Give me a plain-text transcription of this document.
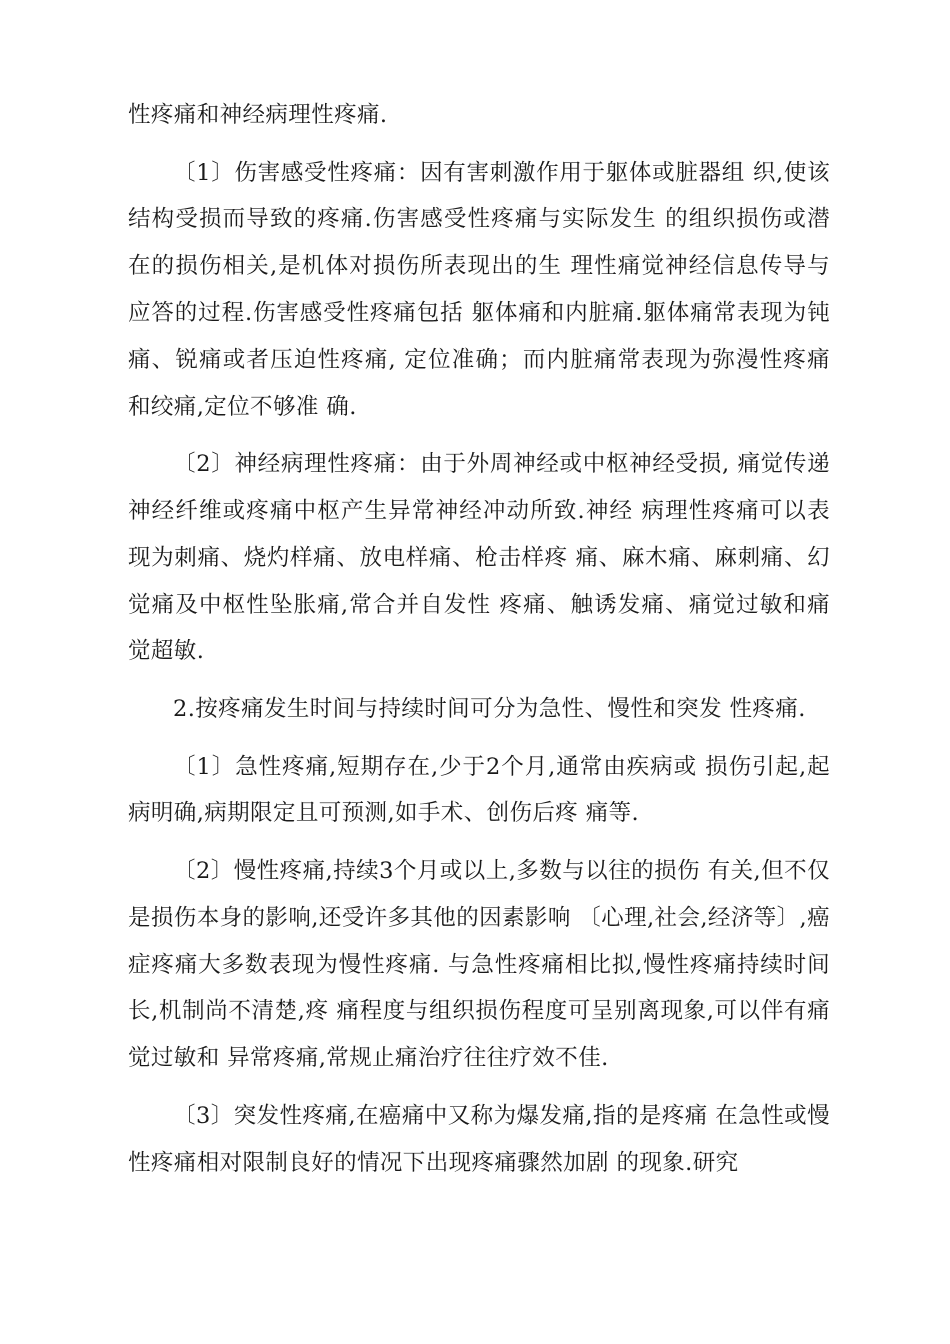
性疼痛和神经病理性疼痛.

〔1〕伤害感受性疼痛：因有害刺激作用于躯体或脏器组 织,使该结构受损而导致的疼痛.伤害感受性疼痛与实际发生 的组织损伤或潜在的损伤相关,是机体对损伤所表现出的生 理性痛觉神经信息传导与应答的过程.伤害感受性疼痛包括 躯体痛和内脏痛.躯体痛常表现为钝痛、锐痛或者压迫性疼痛, 定位准确；而内脏痛常表现为弥漫性疼痛和绞痛,定位不够准 确.

〔2〕神经病理性疼痛：由于外周神经或中枢神经受损, 痛觉传递神经纤维或疼痛中枢产生异常神经冲动所致.神经 病理性疼痛可以表现为刺痛、烧灼样痛、放电样痛、枪击样疼 痛、麻木痛、麻刺痛、幻觉痛及中枢性坠胀痛,常合并自发性 疼痛、触诱发痛、痛觉过敏和痛觉超敏.

2.按疼痛发生时间与持续时间可分为急性、慢性和突发 性疼痛.

〔1〕急性疼痛,短期存在,少于2个月,通常由疾病或 损伤引起,起病明确,病期限定且可预测,如手术、创伤后疼 痛等.

〔2〕慢性疼痛,持续3个月或以上,多数与以往的损伤 有关,但不仅是损伤本身的影响,还受许多其他的因素影响 〔心理,社会,经济等〕,癌症疼痛大多数表现为慢性疼痛. 与急性疼痛相比拟,慢性疼痛持续时间长,机制尚不清楚,疼 痛程度与组织损伤程度可呈别离现象,可以伴有痛觉过敏和 异常疼痛,常规止痛治疗往往疗效不佳.

〔3〕突发性疼痛,在癌痛中又称为爆发痛,指的是疼痛 在急性或慢性疼痛相对限制良好的情况下出现疼痛骤然加剧 的现象.研究
